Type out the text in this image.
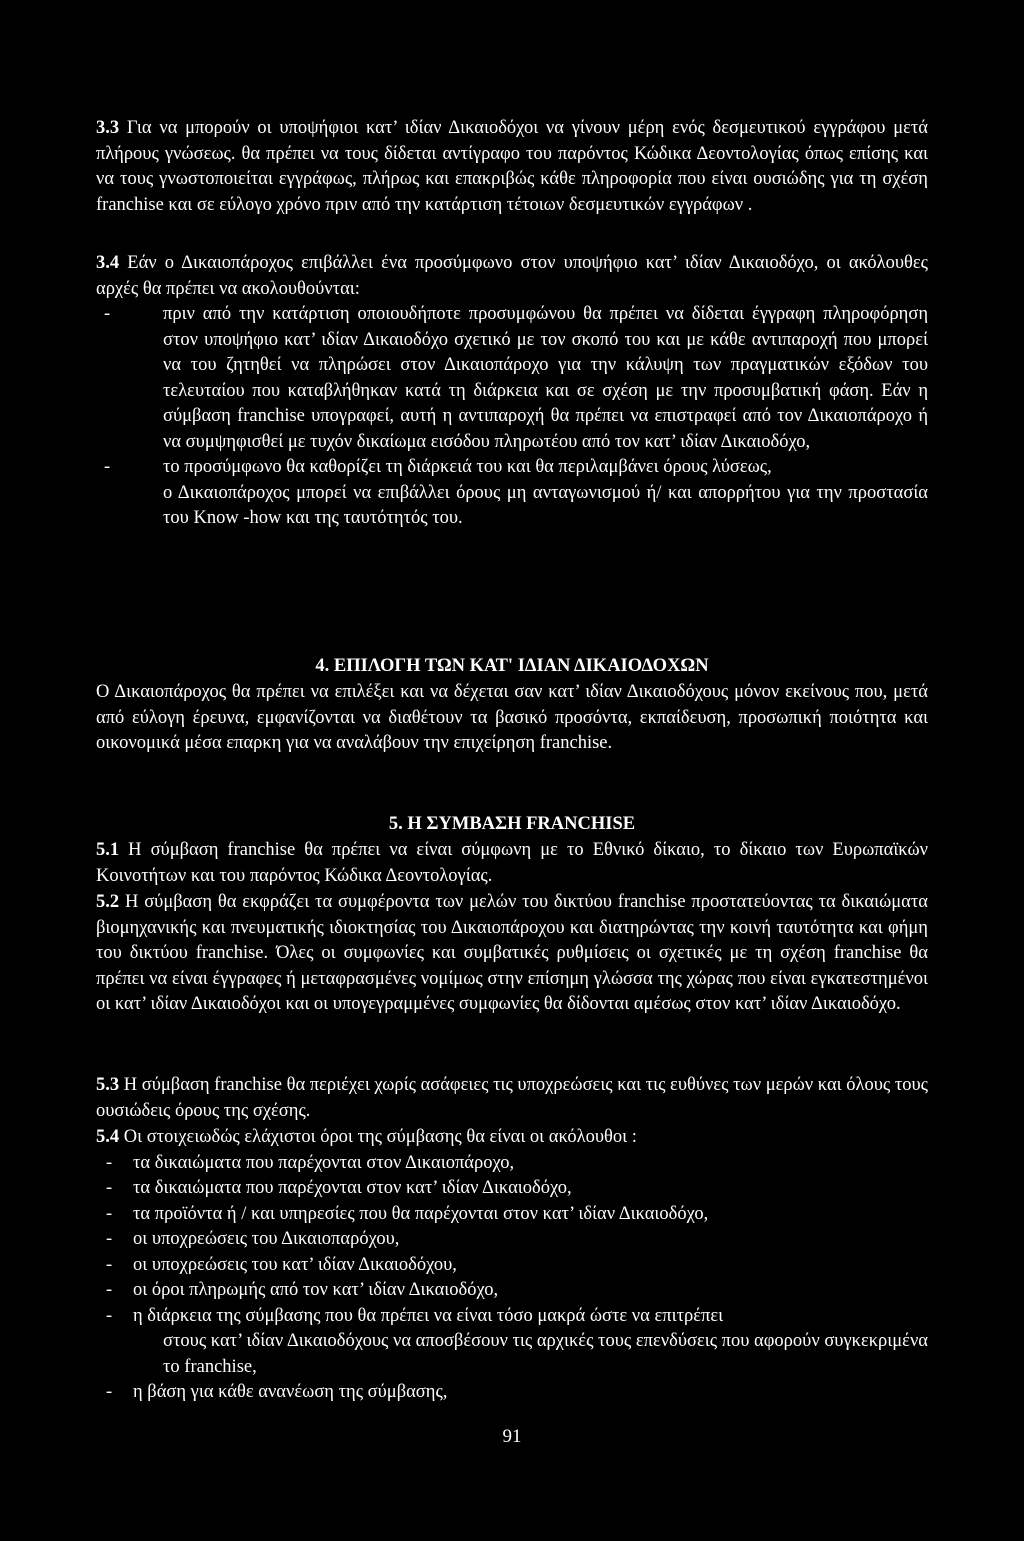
3.3 Για να μπορούν οι υποψήφιοι κατ’ ιδίαν Δικαιοδόχοι να γίνουν μέρη ενός δεσμευτικού εγγράφου μετά πλήρους γνώσεως. θα πρέπει να τους δίδεται αντίγραφο του παρόντος Κώδικα Δεοντολογίας όπως επίσης και να τους γνωστοποιείται εγγράφως, πλήρως και επακριβώς κάθε πληροφορία που είναι ουσιώδης για τη σχέση franchise και σε εύλογο χρόνο πριν από την κατάρτιση τέτοιων δεσμευτικών εγγράφων .
3.4 Εάν ο Δικαιοπάροχος επιβάλλει ένα προσύμφωνο στον υποψήφιο κατ’ ιδίαν Δικαιοδόχο, οι ακόλουθες αρχές θα πρέπει να ακολουθούνται:
-	πριν από την κατάρτιση οποιουδήποτε προσυμφώνου θα πρέπει να δίδεται έγγραφη πληροφόρηση στον υποψήφιο κατ’ ιδίαν Δικαιοδόχο σχετικό με τον σκοπό του και με κάθε αντιπαροχή που μπορεί να του ζητηθεί να πληρώσει στον Δικαιοπάροχο για την κάλυψη των πραγματικών εξόδων του τελευταίου που καταβλήθηκαν κατά τη διάρκεια και σε σχέση με την προσυμβατική φάση. Εάν η σύμβαση franchise υπογραφεί, αυτή η αντιπαροχή θα πρέπει να επιστραφεί από τον Δικαιοπάροχο ή να συμψηφισθεί με τυχόν δικαίωμα εισόδου πληρωτέου από τον κατ’ ιδίαν Δικαιοδόχο,
-	το προσύμφωνο θα καθορίζει τη διάρκειά του και θα περιλαμβάνει όρους λύσεως,
ο Δικαιοπάροχος μπορεί να επιβάλλει όρους μη ανταγωνισμού ή/ και απορρήτου για την προστασία του Know -how και της ταυτότητός του.
4. ΕΠΙΛΟΓΗ ΤΩΝ ΚΑΤ' ΙΔΙΑΝ ΔΙΚΑΙΟΔΟΧΩΝ
Ο Δικαιοπάροχος θα πρέπει να επιλέξει και να δέχεται σαν κατ’ ιδίαν Δικαιοδόχους μόνον εκείνους που, μετά από εύλογη έρευνα, εμφανίζονται να διαθέτουν τα βασικό προσόντα, εκπαίδευση, προσωπική ποιότητα και οικονομικά μέσα επαρκη για να αναλάβουν την επιχείρηση franchise.
5. Η ΣΥΜΒΑΣΗ FRANCHISE
5.1 Η σύμβαση franchise θα πρέπει να είναι σύμφωνη με το Εθνικό δίκαιο, το δίκαιο των Ευρωπαϊκών Κοινοτήτων και του παρόντος Κώδικα Δεοντολογίας.
5.2 Η σύμβαση θα εκφράζει τα συμφέροντα των μελών του δικτύου franchise προστατεύοντας τα δικαιώματα βιομηχανικής και πνευματικής ιδιοκτησίας του Δικαιοπάροχου και διατηρώντας την κοινή ταυτότητα και φήμη του δικτύου franchise. Όλες οι συμφωνίες και συμβατικές ρυθμίσεις οι σχετικές με τη σχέση franchise θα πρέπει να είναι έγγραφες ή μεταφρασμένες νομίμως στην επίσημη γλώσσα της χώρας που είναι εγκατεστημένοι οι κατ’ ιδίαν Δικαιοδόχοι και οι υπογεγραμμένες συμφωνίες θα δίδονται αμέσως στον κατ’ ιδίαν Δικαιοδόχο.
5.3 Η σύμβαση franchise θα περιέχει χωρίς ασάφειες τις υποχρεώσεις και τις ευθύνες των μερών και όλους τους ουσιώδεις όρους της σχέσης.
5.4 Οι στοιχειωδώς ελάχιστοι όροι της σύμβασης θα είναι οι ακόλουθοι :
- τα δικαιώματα που παρέχονται στον Δικαιοπάροχο,
- τα δικαιώματα που παρέχονται στον κατ’ ιδίαν Δικαιοδόχο,
- τα προϊόντα ή / και υπηρεσίες που θα παρέχονται στον κατ’ ιδίαν Δικαιοδόχο,
- οι υποχρεώσεις του Δικαιοπαρόχου,
- οι υποχρεώσεις του κατ’ ιδίαν Δικαιοδόχου,
- οι όροι πληρωμής από τον κατ’ ιδίαν Δικαιοδόχο,
- η διάρκεια της σύμβασης που θα πρέπει να είναι τόσο μακρά ώστε να επιτρέπει
στους κατ’ ιδίαν Δικαιοδόχους να αποσβέσουν τις αρχικές τους επενδύσεις που αφορούν συγκεκριμένα το franchise,
- η βάση για κάθε ανανέωση της σύμβασης,
91
